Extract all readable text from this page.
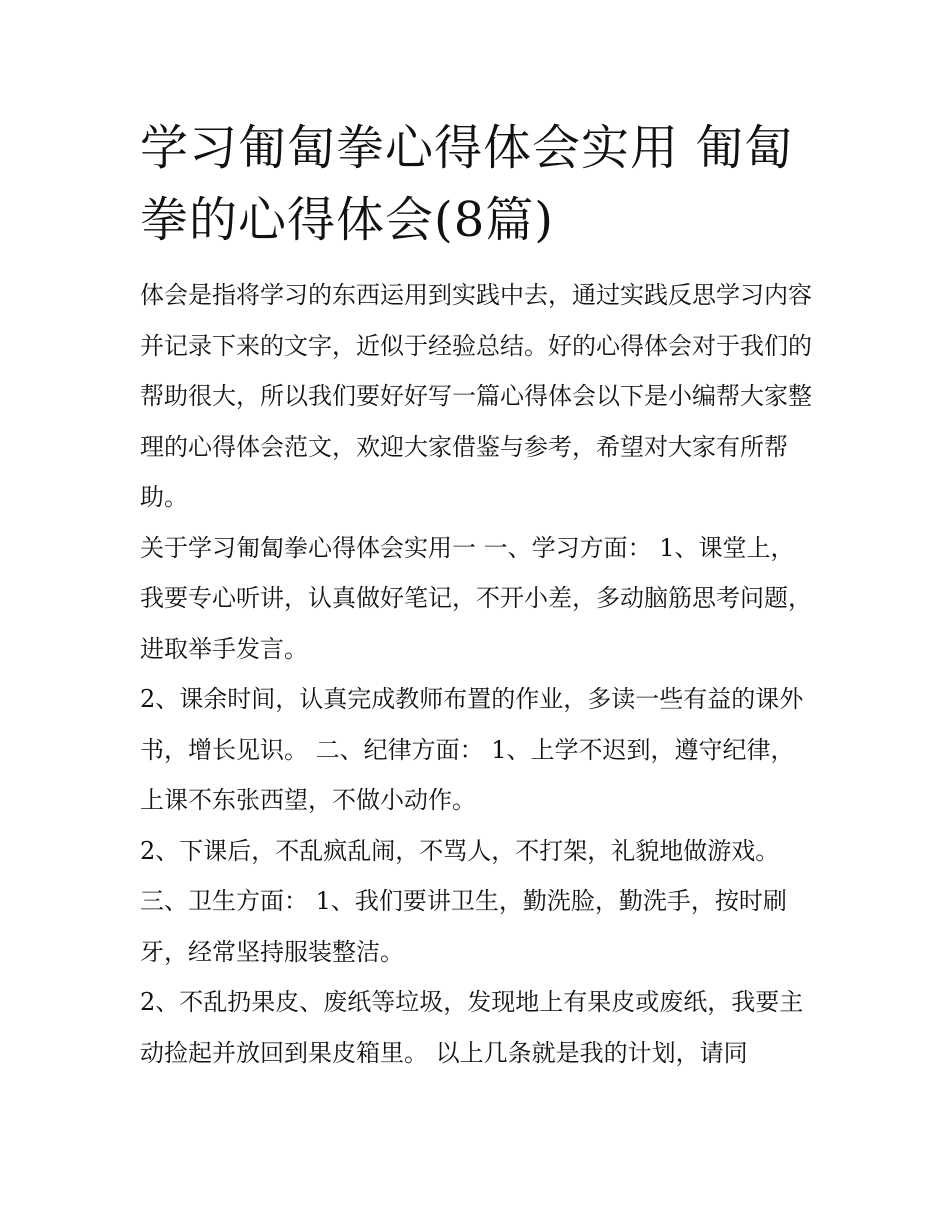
学习匍匐拳心得体会实用 匍匐拳的心得体会(8篇)

体会是指将学习的东西运用到实践中去，通过实践反思学习内容并记录下来的文字，近似于经验总结。好的心得体会对于我们的帮助很大，所以我们要好好写一篇心得体会以下是小编帮大家整理的心得体会范文，欢迎大家借鉴与参考，希望对大家有所帮助。

关于学习匍匐拳心得体会实用一 一、学习方面： 1、课堂上，我要专心听讲，认真做好笔记，不开小差，多动脑筋思考问题，进取举手发言。

2、课余时间，认真完成教师布置的作业，多读一些有益的课外书，增长见识。 二、纪律方面： 1、上学不迟到，遵守纪律，上课不东张西望，不做小动作。

2、下课后，不乱疯乱闹，不骂人，不打架，礼貌地做游戏。三、卫生方面： 1、我们要讲卫生，勤洗脸，勤洗手，按时刷牙，经常坚持服装整洁。

2、不乱扔果皮、废纸等垃圾，发现地上有果皮或废纸，我要主动捡起并放回到果皮箱里。 以上几条就是我的计划，请同
